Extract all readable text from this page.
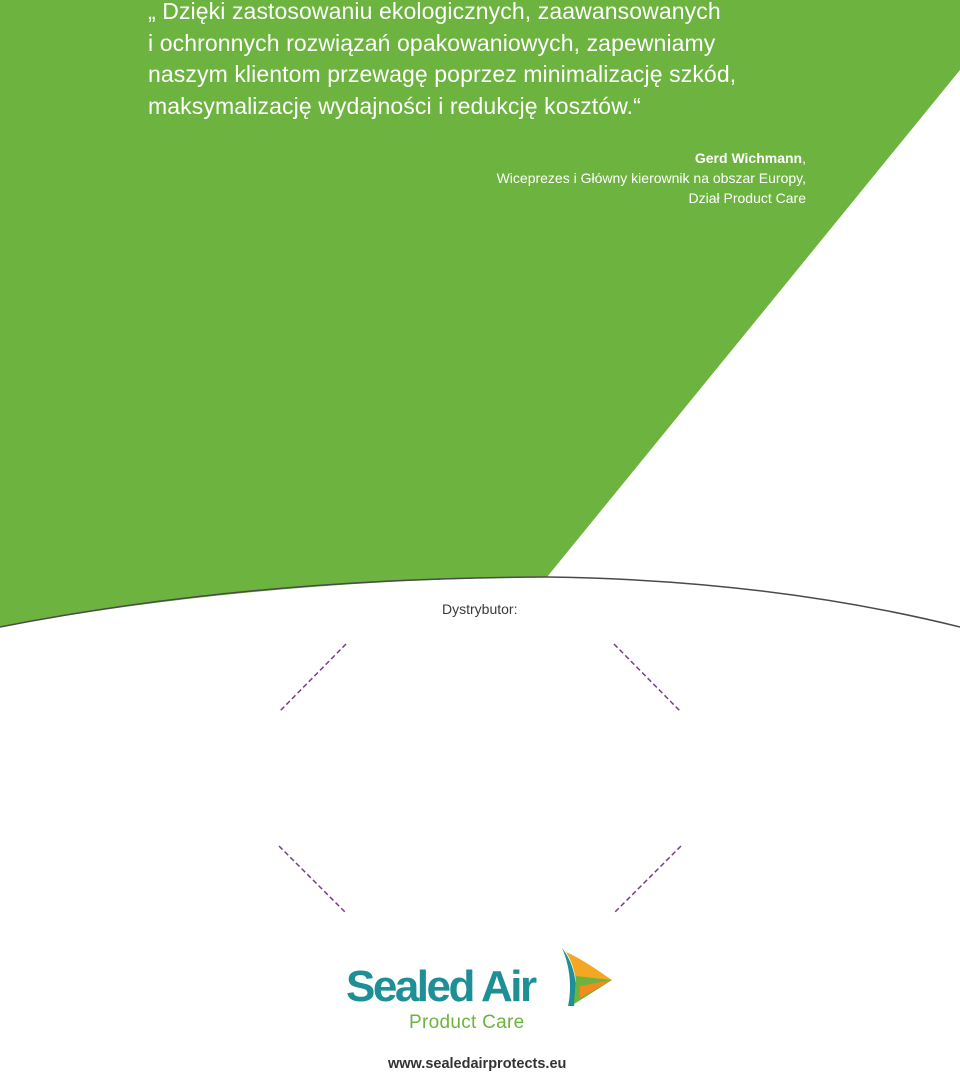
„ Dzięki zastosowaniu ekologicznych, zaawansowanych
i ochronnych rozwiązań opakowaniowych, zapewniamy
naszym klientom przewagę poprzez minimalizację szkód,
maksymalizację wydajności i redukcję kosztów.“

Gerd Wichmann,
Wiceprezes i Główny kierownik na obszar Europy,
Dział Product Care
Dystrybutor:
Sealed Air
Product Care
www.sealedairprotects.eu
